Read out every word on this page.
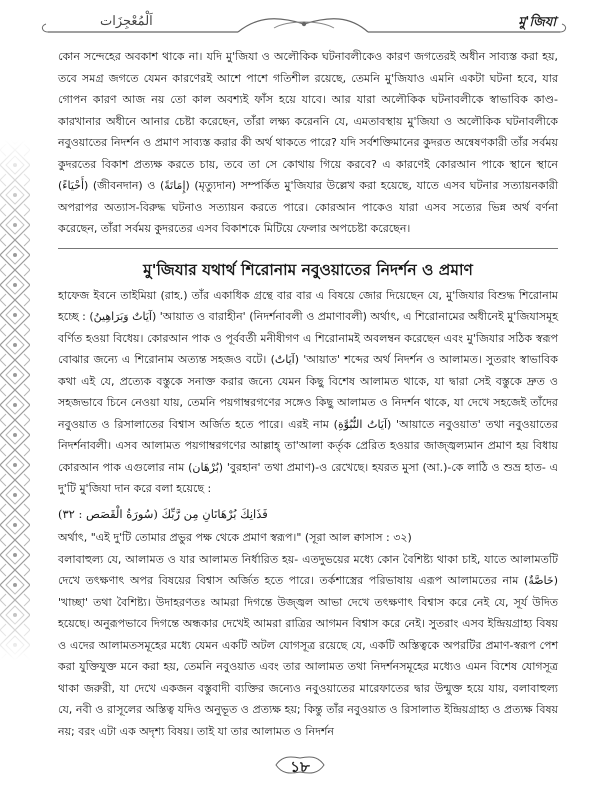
اَلْمُعْجِزَات	মু'জিযা

কোন সন্দেহের অবকাশ থাকে না। যদি মু'জিযা ও অলৌকিক ঘটনাবলীকেও কারণ জগতেরই অধীন সাব্যস্ত করা হয়, তবে সমগ্র জগতে যেমন কারণেরই আশে পাশে গতিশীল রয়েছে, তেমনি মু'জিযাও এমনি একটা ঘটনা হবে, যার গোপন কারণ আজ নয় তো কাল অবশ্যই ফাঁস হয়ে যাবে। আর যারা অলৌকিক ঘটনাবলীকে স্বাভাবিক কাণ্ড-কারখানার অধীনে আনার চেষ্টা করেছেন, তাঁরা লক্ষ্য করেননি যে, এমতাবস্থায় মু'জিযা ও অলৌকিক ঘটনাবলীকে নবুওয়াতের নিদর্শন ও প্রমাণ সাব্যস্ত করার কী অর্থ থাকতে পারে? যদি সর্বশক্তিমানের কুদরত অন্বেষণকারী তাঁর সর্বময় কুদরতের বিকাশ প্রত্যক্ষ করতে চায়, তবে তা সে কোথায় গিয়ে করবে? এ কারণেই কোরআন পাকে স্থানে স্থানে (أَحْيَاءً) (জীবনদান) ও (إِمَاتَةً) (মৃত্যুদান) সম্পর্কিত মু'জিযার উল্লেখ করা হয়েছে, যাতে এসব ঘটনার সত্যায়নকারী অপরাপর অত্যাস-বিরুদ্ধ ঘটনাও সত্যায়ন করতে পারে। কোরআন পাকেও যারা এসব সত্যের ভিন্ন অর্থ বর্ণনা করেছেন, তাঁরা সর্বময় কুদরতের এসব বিকাশকে মিটিয়ে ফেলার অপচেষ্টা করেছেন।

মু'জিযার যথার্থ শিরোনাম নবুওয়াতের নিদর্শন ও প্রমাণ

হাফেজ ইবনে তাইমিয়া (রাহ.) তাঁর একাধিক গ্রন্থে বার বার এ বিষয়ে জোর দিয়েছেন যে, মু'জিযার বিশুদ্ধ শিরোনাম হচ্ছে : (آيَاتٌ وَبَرَاهِينُ) 'আয়াত ও বারাহীন' (নিদর্শনাবলী ও প্রমাণাবলী) অর্থাৎ, এ শিরোনামের অধীনেই মু'জিযাসমূহ বর্ণিত হওয়া বিধেয়। কোরআন পাক ও পূর্ববর্তী মনীষীগণ এ শিরোনামই অবলম্বন করেছেন এবং মু'জিযার সঠিক স্বরূপ বোঝার জন্যে এ শিরোনাম অত্যন্ত সহজও বটে। (آيَاتٌ) 'আয়াত' শব্দের অর্থ নিদর্শন ও আলামত। সুতরাং স্বাভাবিক কথা এই যে, প্রত্যেক বস্তুকে সনাক্ত করার জন্যে যেমন কিছু বিশেষ আলামত থাকে, যা দ্বারা সেই বস্তুকে দ্রুত ও সহজভাবে চিনে নেওয়া যায়, তেমনি পয়গাম্বরগণের সঙ্গেও কিছু আলামত ও নিদর্শন থাকে, যা দেখে সহজেই তাঁদের নবুওয়াত ও রিসালাতের বিশ্বাস অর্জিত হতে পারে। এরই নাম (آيَاتُ النُّبُوَّةِ) 'আয়াতে নবুওয়াত' তথা নবুওয়াতের নিদর্শনাবলী। এসব আলামত পয়গাম্বরগণের আল্লাহ্ তা'আলা কর্তৃক প্রেরিত হওয়ার জাজ্জ্বল্যমান প্রমাণ হয় বিধায় কোরআন পাক এগুলোর নাম (بُرْهَان) 'বুরহান' তথা প্রমাণ)-ও রেখেছে। হযরত মুসা (আ.)-কে লাঠি ও শুভ্র হাত- এ দু'টি মু'জিযা দান করে বলা হয়েছে :

فَذَانِكَ بُرْهَانَانِ مِن رَّبِّكَ (سُورَةُ الْقَصَص : ٣٢)

অর্থাৎ, "এই দু'টি তোমার প্রভুর পক্ষ থেকে প্রমাণ স্বরূপ।" (সূরা আল ক্বাসাস : ৩২)

বলাবাহুল্য যে, আলামত ও যার আলামত নির্ধারিত হয়- এতদুভয়ের মধ্যে কোন বৈশিষ্ট্য থাকা চাই, যাতে আলামতটি দেখে তৎক্ষণাৎ অপর বিষয়ের বিশ্বাস অর্জিত হতে পারে। তর্কশাস্ত্রের পরিভাষায় এরূপ আলামতের নাম (خَاصَّةٌ) 'খাচ্ছা' তথা বৈশিষ্ট্য। উদাহরণতঃ আমরা দিগন্তে উজ্জ্বল আভা দেখে তৎক্ষণাৎ বিশ্বাস করে নেই যে, সূর্য উদিত হয়েছে। অনুরূপভাবে দিগন্তে অন্ধকার দেখেই আমরা রাত্রির আগমন বিশ্বাস করে নেই। সুতরাং এসব ইন্দ্রিয়গ্রাহ্য বিষয় ও এদের আলামতসমূহের মধ্যে যেমন একটি অটল যোগসূত্র রয়েছে যে, একটি অস্তিত্বকে অপরটির প্রমাণ-স্বরূপ পেশ করা যুক্তিযুক্ত মনে করা হয়, তেমনি নবুওয়াত এবং তার আলামত তথা নিদর্শনসমূহের মধ্যেও এমন বিশেষ যোগসূত্র থাকা জরুরী, যা দেখে একজন বস্তুবাদী ব্যক্তির জন্যেও নবুওয়াতের মারেফাতের দ্বার উন্মুক্ত হয়ে যায়, বলাবাহুল্য যে, নবী ও রাসূলের অস্তিত্ব যদিও অনুভূত ও প্রত্যক্ষ হয়; কিন্তু তাঁর নবুওয়াত ও রিসালাত ইন্দ্রিয়গ্রাহ্য ও প্রত্যক্ষ বিষয় নয়; বরং এটা এক অদৃশ্য বিষয়। তাই যা তার আলামত ও নিদর্শন

১৮
